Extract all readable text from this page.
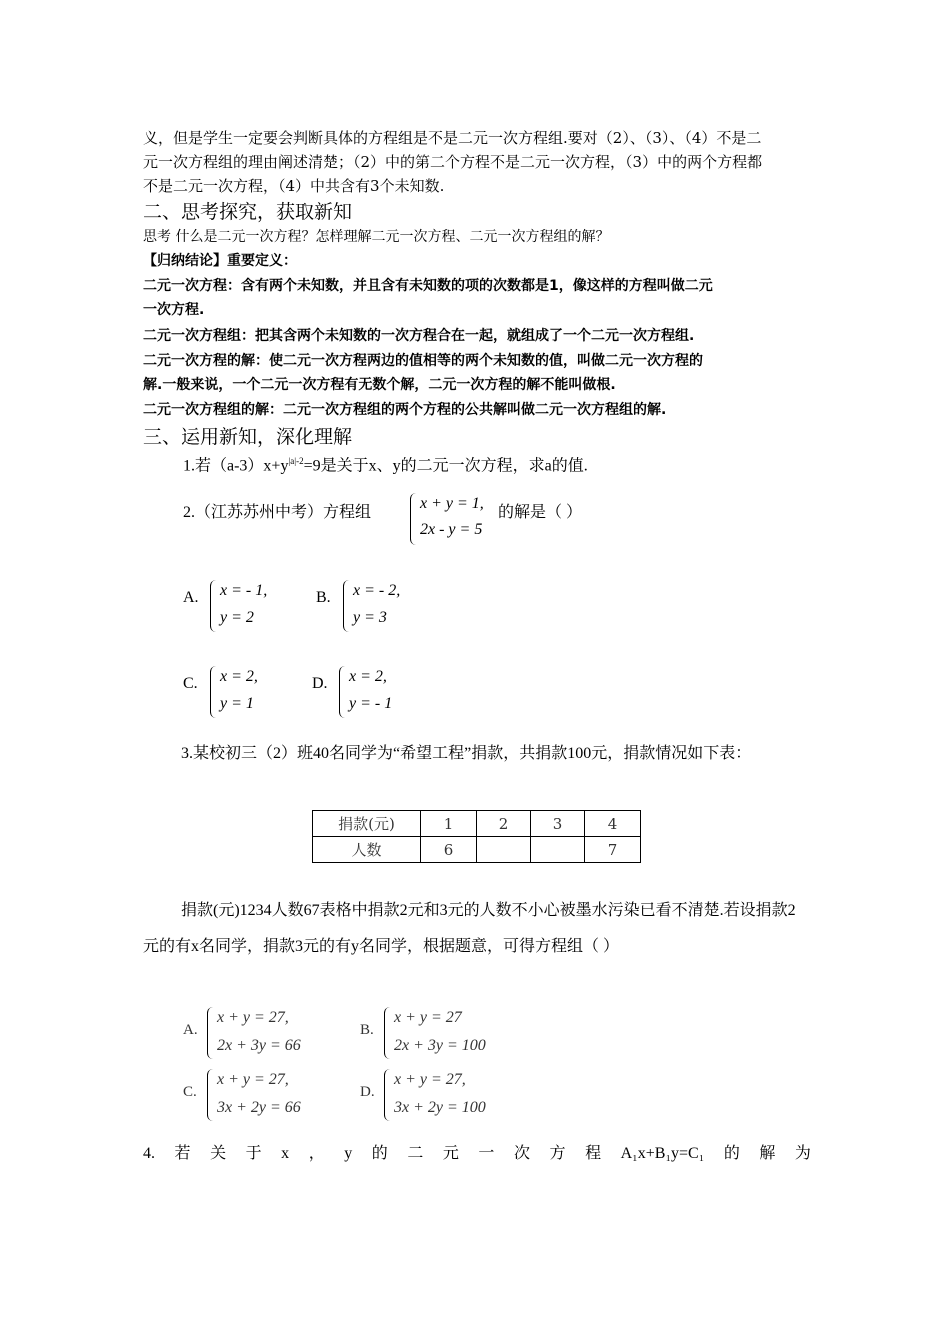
义，但是学生一定要会判断具体的方程组是不是二元一次方程组.要对（2）、（3）、（4）不是二

元一次方程组的理由阐述清楚；（2）中的第二个方程不是二元一次方程，（3）中的两个方程都

不是二元一次方程，（4）中共含有3个未知数.

二、思考探究，获取新知

思考 什么是二元一次方程？怎样理解二元一次方程、二元一次方程组的解？

【归纳结论】重要定义：

二元一次方程：含有两个未知数，并且含有未知数的项的次数都是1，像这样的方程叫做二元

一次方程.

二元一次方程组：把其含两个未知数的一次方程合在一起，就组成了一个二元一次方程组.

二元一次方程的解：使二元一次方程两边的值相等的两个未知数的值，叫做二元一次方程的

解.一般来说，一个二元一次方程有无数个解，二元一次方程的解不能叫做根.

二元一次方程组的解：二元一次方程组的两个方程的公共解叫做二元一次方程组的解.

三、运用新知，深化理解

1.若$(a-3)x+y^{|a|-2}=9$是关于x、y的二元一次方程，求a的值.

2.（江苏苏州中考）方程组

x + y = 1,
2x - y = 5

的解是（ ）

A. x = - 1,
y = 2
B. x = - 2,
y = 3
C. x = 2,
y = 1
D. x = 2,
y = - 1

3.某校初三（2）班40名同学为“希望工程”捐款，共捐款100元，捐款情况如下表：

捐款(元)	1	2	3	4
人数	6			7

捐款(元)1234人数67表格中捐款2元和3元的人数不小心被墨水污染已看不清楚.若设捐款2元的有x名同学，捐款3元的有y名同学，根据题意，可得方程组（ ）

A.
x + y = 27,
2x + 3y = 66
B.
x + y = 27
2x + 3y = 100
C.
x + y = 27,
3x + 2y = 66
D.
x + y = 27,
3x + 2y = 100
4. 若 关 于 x ， y 的 二 元 一 次 方 程 A₁x+B₁y=C₁ 的 解 为
